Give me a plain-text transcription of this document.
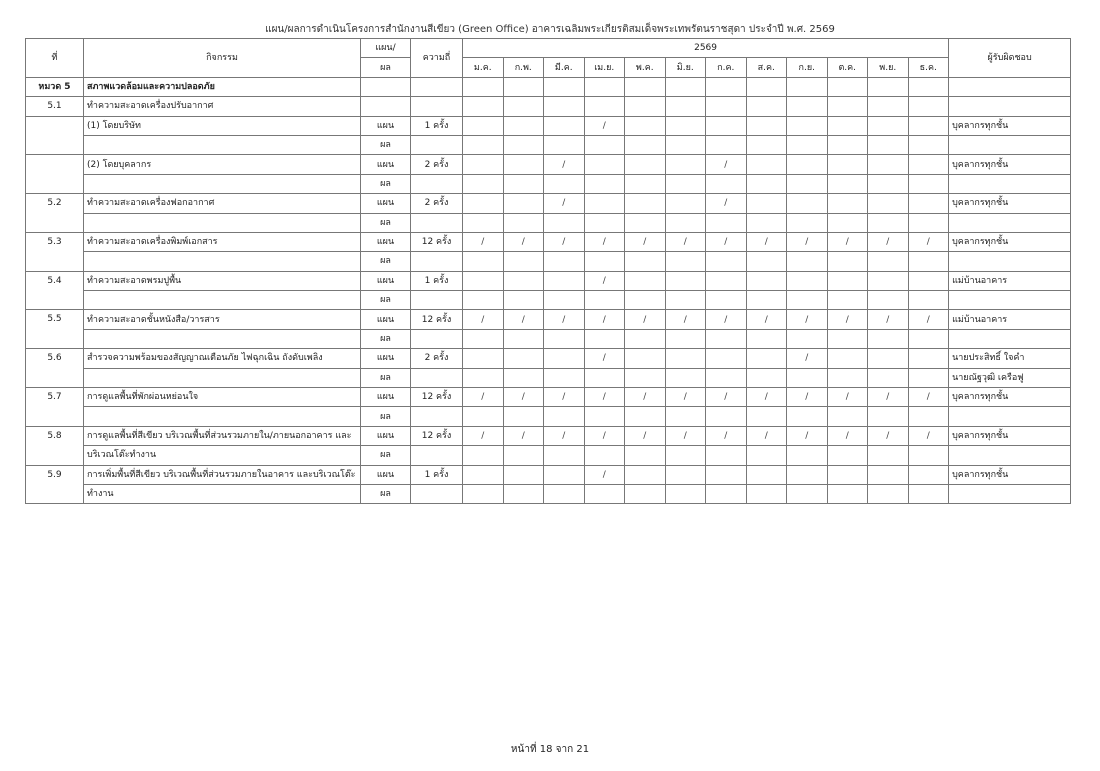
แผน/ผลการดำเนินโครงการสำนักงานสีเขียว (Green Office) อาคารเฉลิมพระเกียรติสมเด็จพระเทพรัตนราชสุดา ประจำปี พ.ศ. 2569
ที่	กิจกรรม	แผน/	ความถี่	2569												ผู้รับผิดชอบ
		ผล		ม.ค.	ก.พ.	มี.ค.	เม.ย.	พ.ค.	มิ.ย.	ก.ค.	ส.ค.	ก.ย.	ต.ค.	พ.ย.	ธ.ค.	
หมวด 5	สภาพแวดล้อมและความปลอดภัย															
5.1	ทำความสะอาดเครื่องปรับอากาศ															
	(1) โดยบริษัท	แผน	1 ครั้ง				/									บุคลากรทุกชั้น
		ผล														
	(2) โดยบุคลากร	แผน	2 ครั้ง			/				/						บุคลากรทุกชั้น
		ผล														
5.2	ทำความสะอาดเครื่องฟอกอากาศ	แผน	2 ครั้ง			/				/						บุคลากรทุกชั้น
		ผล														
5.3	ทำความสะอาดเครื่องพิมพ์เอกสาร	แผน	12 ครั้ง	/	/	/	/	/	/	/	/	/	/	/	/	บุคลากรทุกชั้น
		ผล														
5.4	ทำความสะอาดพรมปูพื้น	แผน	1 ครั้ง				/									แม่บ้านอาคาร
		ผล														
5.5	ทำความสะอาดชั้นหนังสือ/วารสาร	แผน	12 ครั้ง	/	/	/	/	/	/	/	/	/	/	/	/	แม่บ้านอาคาร
		ผล														
5.6	สำรวจความพร้อมของสัญญาณเตือนภัย ไฟฉุกเฉิน ถังดับเพลิง	แผน	2 ครั้ง				/					/				นายประสิทธิ์ ใจคำ
		ผล														นายณัฐวุฒิ เครือฟู
5.7	การดูแลพื้นที่พักผ่อนหย่อนใจ	แผน	12 ครั้ง	/	/	/	/	/	/	/	/	/	/	/	/	บุคลากรทุกชั้น
		ผล														
5.8	การดูแลพื้นที่สีเขียว บริเวณพื้นที่ส่วนรวมภายใน/ภายนอกอาคาร และ	แผน	12 ครั้ง	/	/	/	/	/	/	/	/	/	/	/	/	บุคลากรทุกชั้น
	บริเวณโต๊ะทำงาน	ผล														
5.9	การเพิ่มพื้นที่สีเขียว บริเวณพื้นที่ส่วนรวมภายในอาคาร และบริเวณโต๊ะ	แผน	1 ครั้ง				/									บุคลากรทุกชั้น
	ทำงาน	ผล														
หน้าที่ 18 จาก 21
